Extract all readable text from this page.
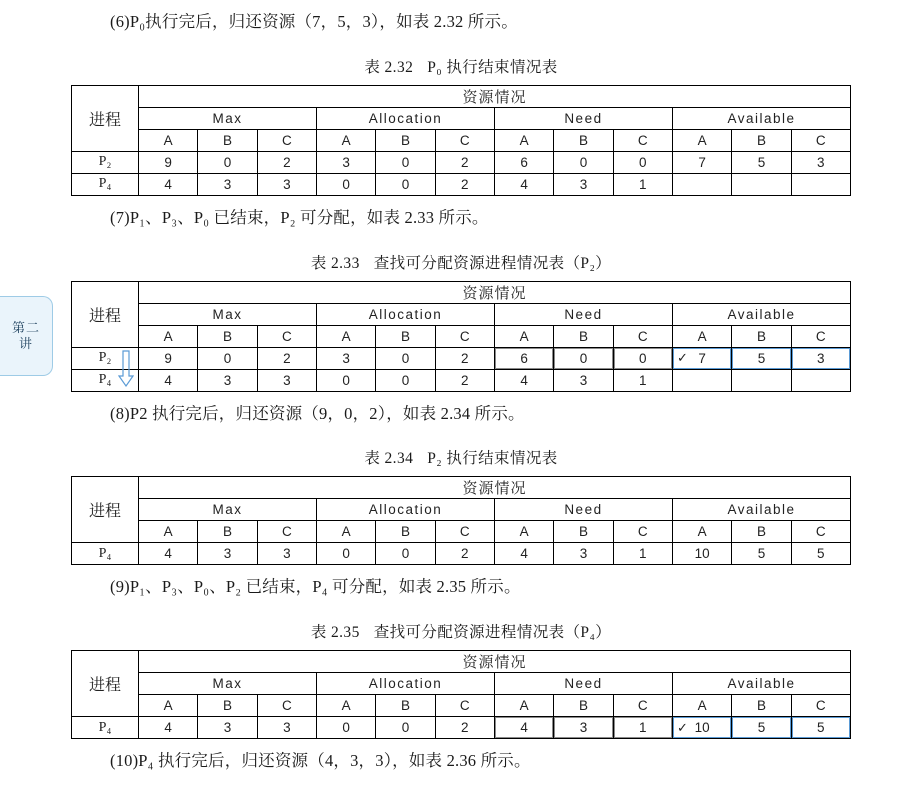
第二
讲

(6)P₀执行完后，归还资源（7，5，3），如表 2.32 所示。

表 2.32 P₀ 执行结束情况表
进程	资源情况											
	Max			Allocation			Need			Available		
	A	B	C	A	B	C	A	B	C	A	B	C
P₂	9	0	2	3	0	2	6	0	0	7	5	3
P₄	4	3	3	0	0	2	4	3	1			

(7)P₁、P₃、P₀ 已结束，P₂ 可分配，如表 2.33 所示。

表 2.33 查找可分配资源进程情况表（P₂）
进程	资源情况											
	Max			Allocation			Need			Available		
	A	B	C	A	B	C	A	B	C	A	B	C
P₂	9	0	2	3	0	2	6	0	0 ✓	7	5	3
P₄	4	3	3	0	0	2	4	3	1			

(8)P2 执行完后，归还资源（9，0，2），如表 2.34 所示。

表 2.34 P₂ 执行结束情况表
进程	资源情况											
	Max			Allocation			Need			Available		
	A	B	C	A	B	C	A	B	C	A	B	C
P₄	4	3	3	0	0	2	4	3	1	10	5	5

(9)P₁、P₃、P₀、P₂ 已结束，P₄ 可分配，如表 2.35 所示。

表 2.35 查找可分配资源进程情况表（P₄）
进程	资源情况											
	Max			Allocation			Need			Available		
	A	B	C	A	B	C	A	B	C	A	B	C
P₄	4	3	3	0	0	2	4	3	1 ✓	10	5	5

(10)P₄ 执行完后，归还资源（4，3，3），如表 2.36 所示。
